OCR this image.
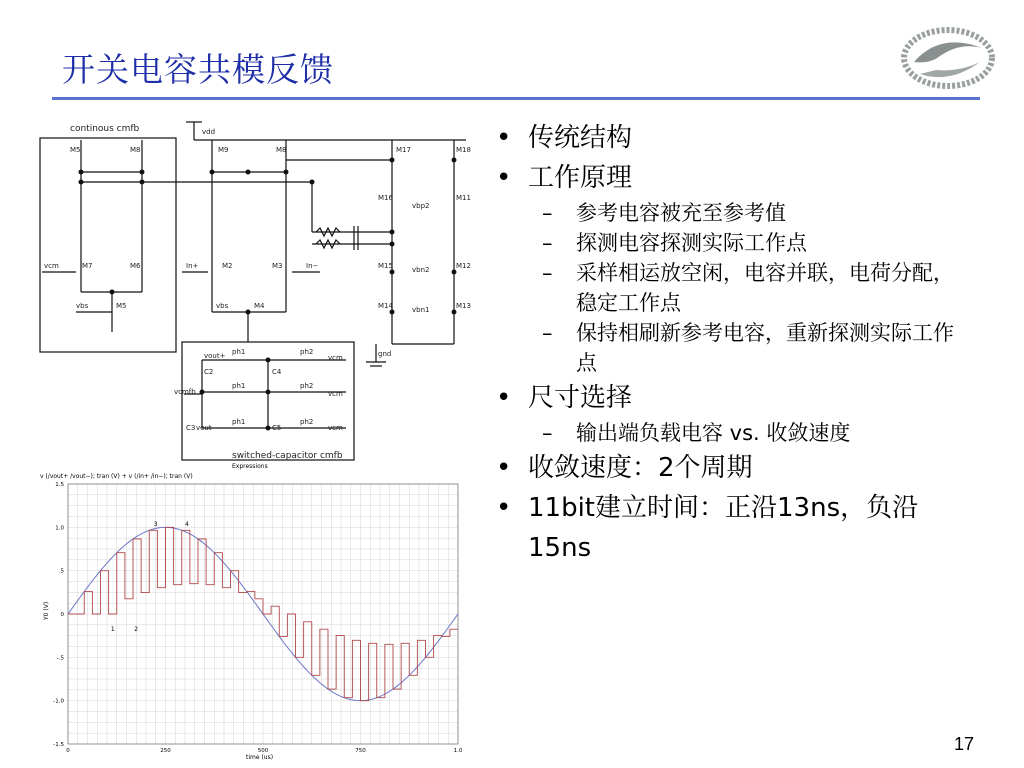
开关电容共模反馈
continous cmfb
switched-capacitor cmfb
vdd
M5	M8
M7	M6
vcm
vbs	M5
M9	M8
M2	M3
In+	In−
vbs	M4
M17	M18
M16
vbp2
M11
M15	vbn2	M12
M14	vbn1	M13
gnd
vout+ ph1	ph2
vcm
ph1	ph2
vcm
vcmfb
ph1	ph2
vcm
C3 vout−
C2	C4
C5
Expressions
v (/vout+ /vout−); tran (V) + v (/in+ /in−); tran (V)
1.5
1.0
.5
0
-.5
-1.0
-1.5
0	250	500	750	1.0
1	2
3	4
time (us)
Y0 (V)
• 传统结构
• 工作原理
– 参考电容被充至参考值
– 探测电容探测实际工作点
– 采样相运放空闲，电容并联，电荷分配，稳定工作点
– 保持相刷新参考电容，重新探测实际工作点
• 尺寸选择
– 输出端负载电容 vs. 收敛速度
• 收敛速度：2个周期
• 11bit建立时间：正沿13ns，负沿15ns
17
